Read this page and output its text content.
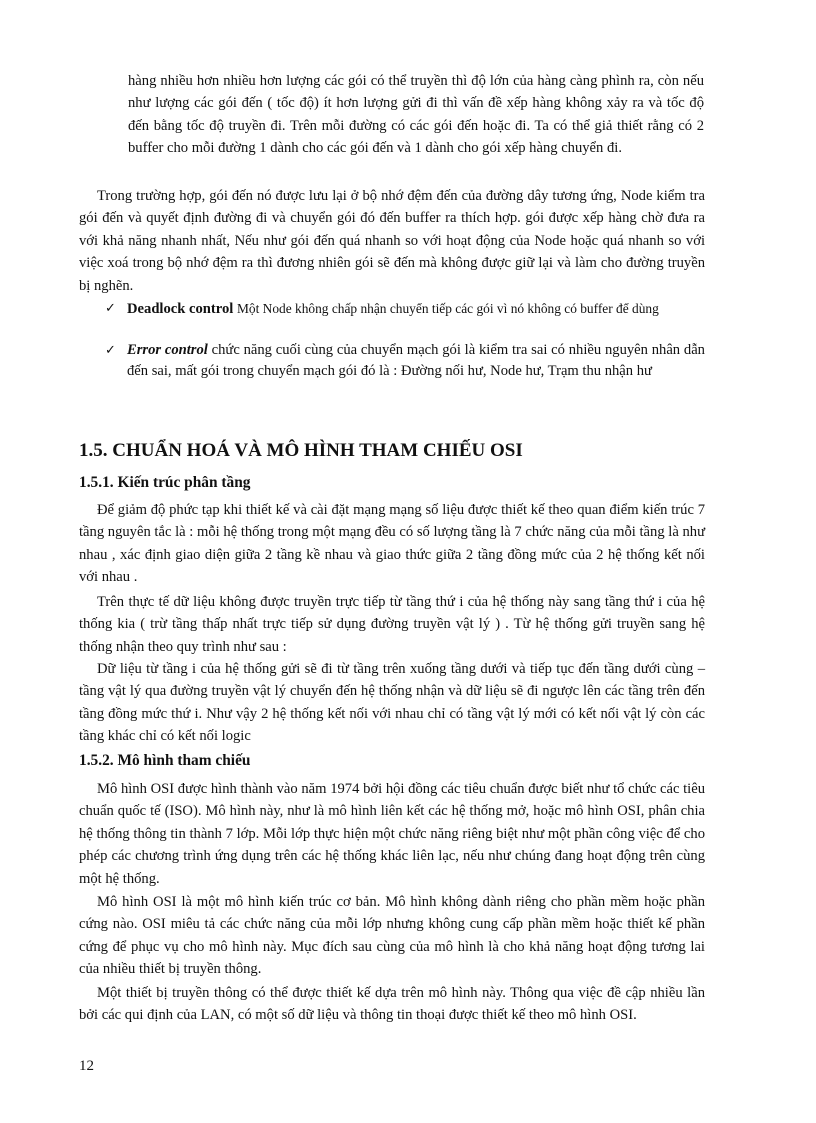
hàng nhiều hơn nhiều hơn lượng các gói có thể truyền thì độ lớn của hàng càng phình ra, còn nếu như lượng các gói đến ( tốc độ) ít hơn lượng gửi đi thì vấn đề xếp hàng không xảy ra và tốc độ đến bằng tốc độ truyền đi. Trên mỗi đường có các gói đến hoặc đi. Ta có thể giả thiết rằng có 2 buffer cho mỗi đường 1 dành cho các gói đến và 1 dành cho gói xếp hàng chuyển đi.

Trong trường hợp, gói đến nó được lưu lại ở bộ nhớ đệm đến của đường dây tương ứng, Node kiểm tra gói đến và quyết định đường đi và chuyển gói đó đến buffer ra thích hợp. gói được xếp hàng chờ đưa ra với khả năng nhanh nhất, Nếu như gói đến quá nhanh so với hoạt động của Node hoặc quá nhanh so với việc xoá trong bộ nhớ đệm ra thì đương nhiên gói sẽ đến mà không được giữ lại và làm cho đường truyền bị nghẽn.

✓ Deadlock control Một Node không chấp nhận chuyển tiếp các gói vì nó không có buffer để dùng
✓ Error control chức năng cuối cùng của chuyển mạch gói là kiểm tra sai có nhiều nguyên nhân dẫn đến sai, mất gói trong chuyển mạch gói đó là : Đường nối hư, Node hư, Trạm thu nhận hư
1.5. CHUẨN HOÁ VÀ MÔ HÌNH THAM CHIẾU OSI
1.5.1. Kiến trúc phân tầng

Để giảm độ phức tạp khi thiết kế và cài đặt mạng mạng số liệu được thiết kế theo quan điểm kiến trúc 7 tầng nguyên tắc là : mỗi hệ thống trong một mạng đều có số lượng tầng là 7 chức năng của mỗi tầng là như nhau , xác định giao diện giữa 2 tầng kề nhau và giao thức giữa 2 tầng đồng mức của 2 hệ thống kết nối với nhau .

Trên thực tế dữ liệu không được truyền trực tiếp từ tầng thứ i của hệ thống này sang tầng thứ i của hệ thống kia ( trừ tầng thấp nhất trực tiếp sử dụng đường truyền vật lý ) . Từ hệ thống gửi truyền sang hệ thống nhận theo quy trình như sau :

Dữ liệu từ tầng i của hệ thống gửi sẽ đi từ tầng trên xuống tầng dưới và tiếp tục đến tầng dưới cùng – tầng vật lý qua đường truyền vật lý chuyển đến hệ thống nhận và dữ liệu sẽ đi ngược lên các tầng trên đến tầng đồng mức thứ i. Như vậy 2 hệ thống kết nối với nhau chỉ có tầng vật lý mới có kết nối vật lý còn các tầng khác chỉ có kết nối logic

1.5.2. Mô hình tham chiếu

Mô hình OSI được hình thành vào năm 1974 bởi hội đồng các tiêu chuẩn được biết như tổ chức các tiêu chuẩn quốc tế (ISO). Mô hình này, như là mô hình liên kết các hệ thống mở, hoặc mô hình OSI, phân chia hệ thống thông tin thành 7 lớp. Mỗi lớp thực hiện một chức năng riêng biệt như một phần công việc để cho phép các chương trình ứng dụng trên các hệ thống khác liên lạc, nếu như chúng đang hoạt động trên cùng một hệ thống.

Mô hình OSI là một mô hình kiến trúc cơ bản. Mô hình không dành riêng cho phần mềm hoặc phần cứng nào. OSI miêu tả các chức năng của mỗi lớp nhưng không cung cấp phần mềm hoặc thiết kế phần cứng để phục vụ cho mô hình này. Mục đích sau cùng của mô hình là cho khả năng hoạt động tương lai của nhiều thiết bị truyền thông.

Một thiết bị truyền thông có thể được thiết kế dựa trên mô hình này. Thông qua việc đề cập nhiều lần bởi các qui định của LAN, có một số dữ liệu và thông tin thoại được thiết kế theo mô hình OSI.

12
